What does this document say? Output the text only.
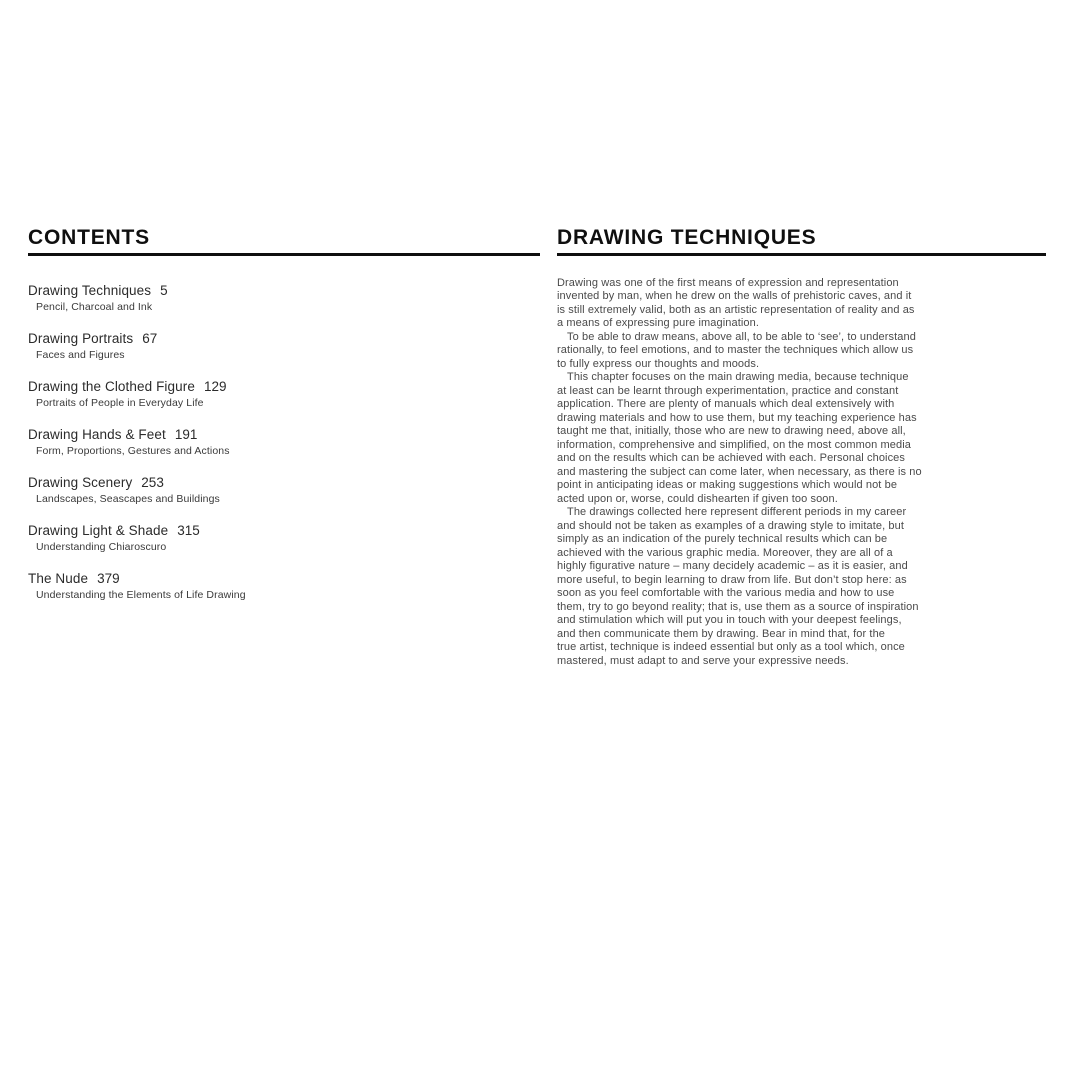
CONTENTS
Drawing Techniques 5
Pencil, Charcoal and Ink
Drawing Portraits 67
Faces and Figures
Drawing the Clothed Figure 129
Portraits of People in Everyday Life
Drawing Hands & Feet 191
Form, Proportions, Gestures and Actions
Drawing Scenery 253
Landscapes, Seascapes and Buildings
Drawing Light & Shade 315
Understanding Chiaroscuro
The Nude 379
Understanding the Elements of Life Drawing
DRAWING TECHNIQUES
Drawing was one of the first means of expression and representation
invented by man, when he drew on the walls of prehistoric caves, and it
is still extremely valid, both as an artistic representation of reality and as
a means of expressing pure imagination.
To be able to draw means, above all, to be able to ‘see’, to understand
rationally, to feel emotions, and to master the techniques which allow us
to fully express our thoughts and moods.
This chapter focuses on the main drawing media, because technique
at least can be learnt through experimentation, practice and constant
application. There are plenty of manuals which deal extensively with
drawing materials and how to use them, but my teaching experience has
taught me that, initially, those who are new to drawing need, above all,
information, comprehensive and simplified, on the most common media
and on the results which can be achieved with each. Personal choices
and mastering the subject can come later, when necessary, as there is no
point in anticipating ideas or making suggestions which would not be
acted upon or, worse, could dishearten if given too soon.
The drawings collected here represent different periods in my career
and should not be taken as examples of a drawing style to imitate, but
simply as an indication of the purely technical results which can be
achieved with the various graphic media. Moreover, they are all of a
highly figurative nature – many decidely academic – as it is easier, and
more useful, to begin learning to draw from life. But don’t stop here: as
soon as you feel comfortable with the various media and how to use
them, try to go beyond reality; that is, use them as a source of inspiration
and stimulation which will put you in touch with your deepest feelings,
and then communicate them by drawing. Bear in mind that, for the
true artist, technique is indeed essential but only as a tool which, once
mastered, must adapt to and serve your expressive needs.
